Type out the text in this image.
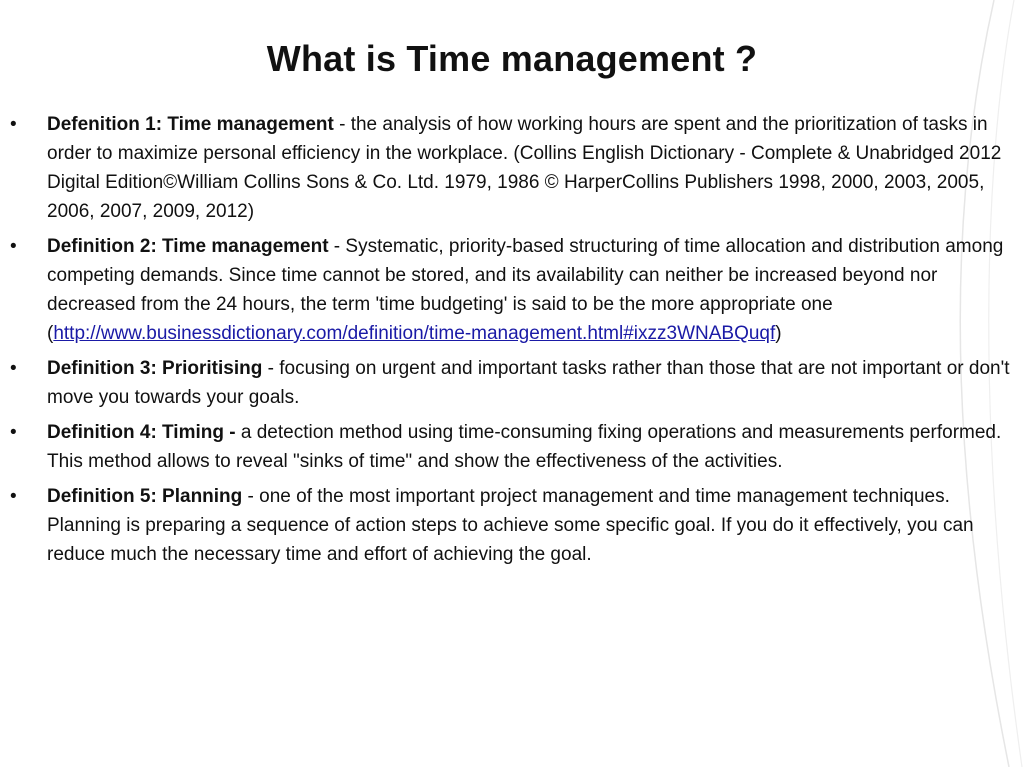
What is Time management ?
• Defenition 1: Time management - the analysis of how working hours are spent and the prioritization of tasks in order to maximize personal efficiency in the workplace. (Collins English Dictionary - Complete & Unabridged 2012 Digital Edition©William Collins Sons & Co. Ltd. 1979, 1986 © HarperCollins Publishers 1998, 2000, 2003, 2005, 2006, 2007, 2009, 2012)
• Definition 2: Time management - Systematic, priority-based structuring of time allocation and distribution among competing demands. Since time cannot be stored, and its availability can neither be increased beyond nor decreased from the 24 hours, the term 'time budgeting' is said to be the more appropriate one (http://www.businessdictionary.com/definition/time-management.html#ixzz3WNABQuqf)
• Definition 3: Prioritising - focusing on urgent and important tasks rather than those that are not important or don't move you towards your goals.
• Definition 4: Timing - a detection method using time-consuming fixing operations and measurements performed. This method allows to reveal "sinks of time" and show the effectiveness of the activities.
• Definition 5: Planning - one of the most important project management and time management techniques. Planning is preparing a sequence of action steps to achieve some specific goal. If you do it effectively, you can reduce much the necessary time and effort of achieving the goal.
